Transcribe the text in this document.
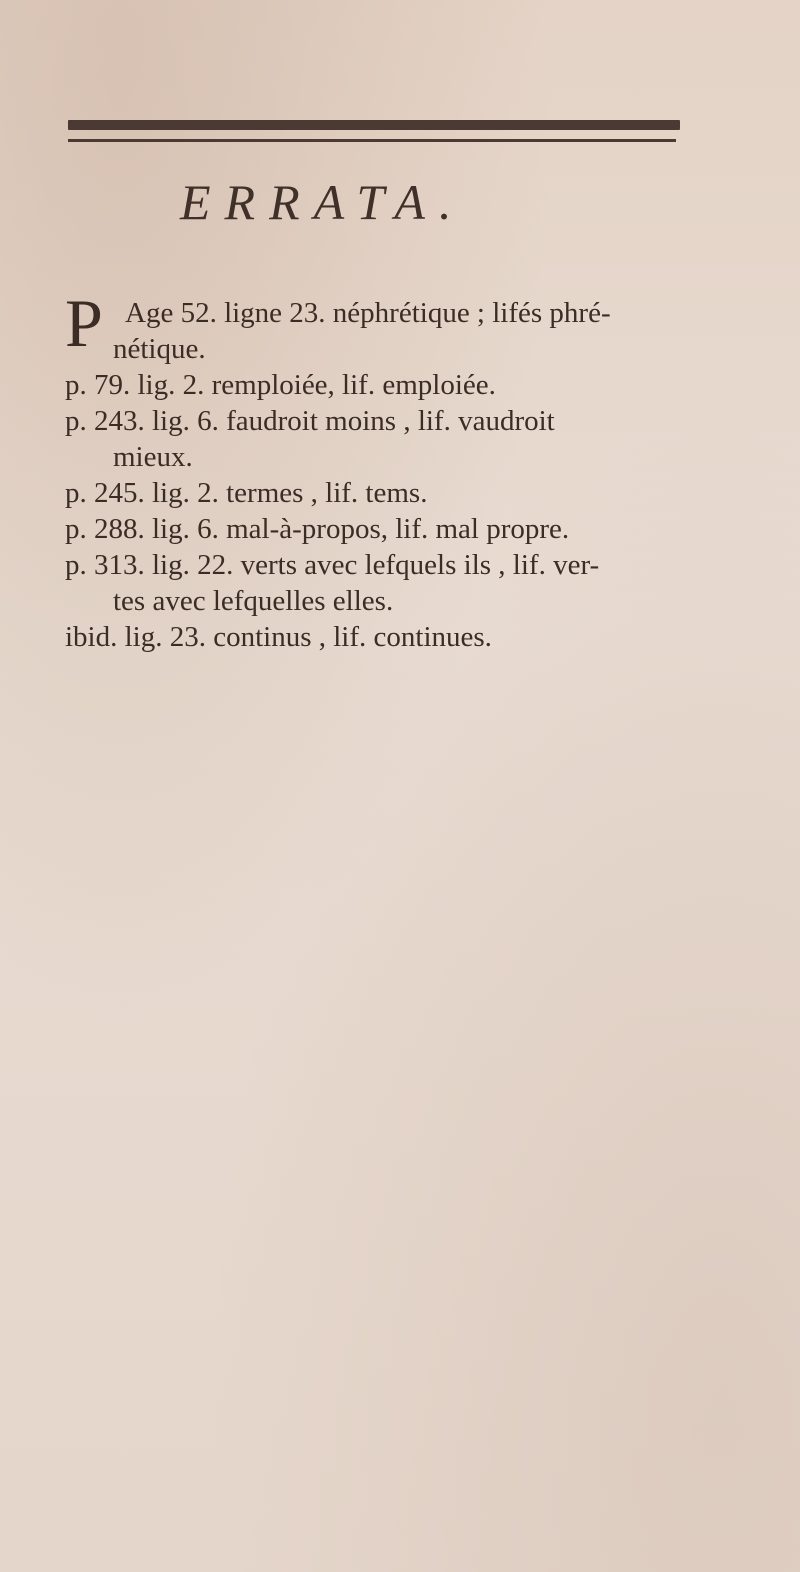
ERRATA.
P Age 52. ligne 23. néphrétique ; lifés phré-
nétique.
p. 79. lig. 2. remploiée, lif. emploiée.
p. 243. lig. 6. faudroit moins , lif. vaudroit
mieux.
p. 245. lig. 2. termes , lif. tems.
p. 288. lig. 6. mal-à-propos, lif. mal propre.
p. 313. lig. 22. verts avec lefquels ils , lif. ver-
tes avec lefquelles elles.
ibid. lig. 23. continus , lif. continues.
